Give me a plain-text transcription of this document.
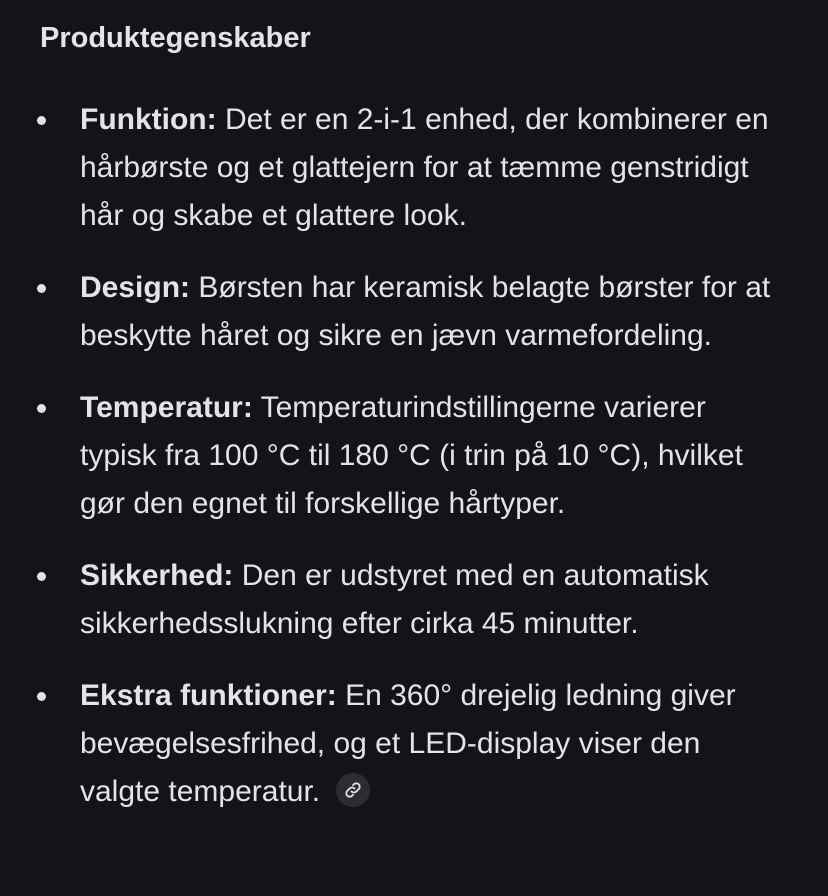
Produktegenskaber
Funktion: Det er en 2-i-1 enhed, der kombinerer en hårbørste og et glattejern for at tæmme genstridigt hår og skabe et glattere look.
Design: Børsten har keramisk belagte børster for at beskytte håret og sikre en jævn varmefordeling.
Temperatur: Temperaturindstillingerne varierer typisk fra 100 °C til 180 °C (i trin på 10 °C), hvilket gør den egnet til forskellige hårtyper.
Sikkerhed: Den er udstyret med en automatisk sikkerhedsslukning efter cirka 45 minutter.
Ekstra funktioner: En 360° drejelig ledning giver bevægelsesfrihed, og et LED-display viser den valgte temperatur.
